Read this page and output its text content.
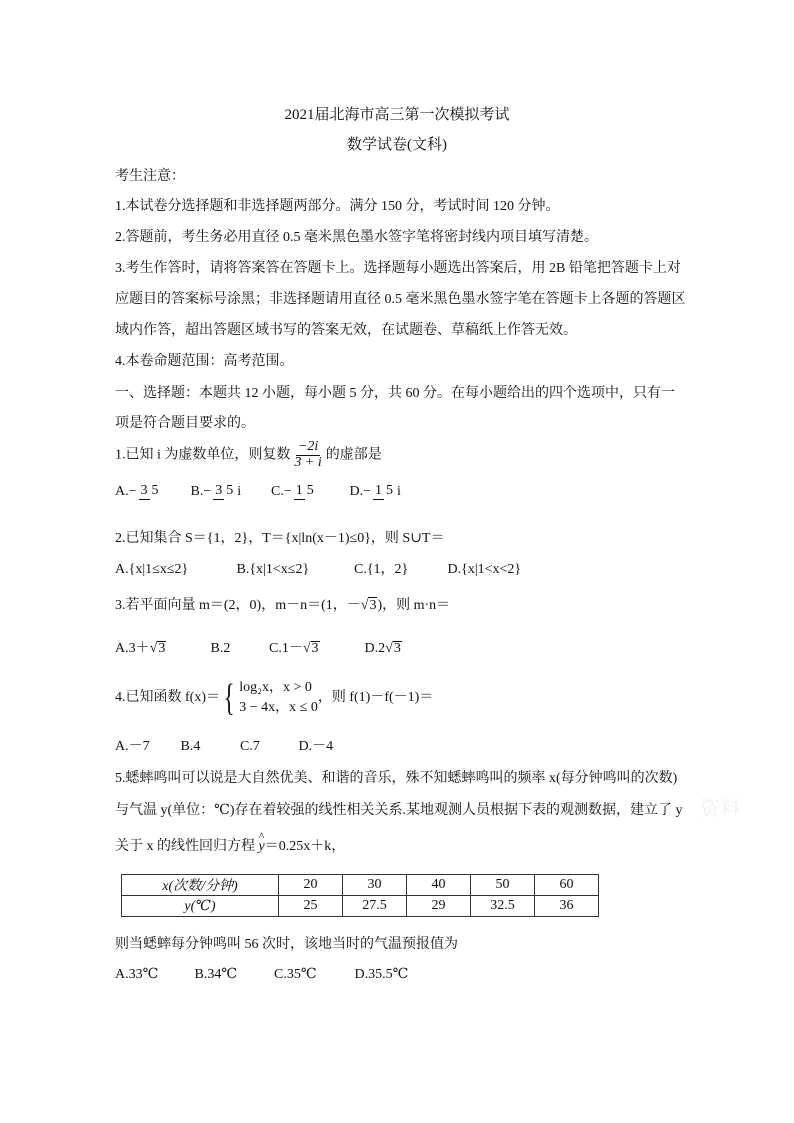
2021届北海市高三第一次模拟考试
数学试卷(文科)
考生注意：
1.本试卷分选择题和非选择题两部分。满分 150 分，考试时间 120 分钟。
2.答题前，考生务必用直径 0.5 毫米黑色墨水签字笔将密封线内项目填写清楚。
3.考生作答时，请将答案答在答题卡上。选择题每小题选出答案后，用 2B 铅笔把答题卡上对
应题目的答案标号涂黑；非选择题请用直径 0.5 毫米黑色墨水签字笔在答题卡上各题的答题区
域内作答，超出答题区域书写的答案无效，在试题卷、草稿纸上作答无效。
4.本卷命题范围：高考范围。
一、选择题：本题共 12 小题，每小题 5 分，共 60 分。在每小题给出的四个选项中，只有一
项是符合题目要求的。
1.已知 i 为虚数单位，则复数 $\frac{-2i}{3 + i}$ 的虚部是
A.− 3 5 B.− 3 5 i C.− 1 5	D.− 1 5 i
2.已知集合 S＝{1，2}，T＝{x|ln(x－1)≤0}，则 S∪T＝
A.{x|1≤x≤2}	B.{x|1<x≤2}	C.{1，2}	D.{x|1<x<2}
3.若平面向量 m＝(2，0)，m－n＝(1，－√3)，则 m·n＝
A.3＋√3	B.2	C.1－√3	D.2√3
4.已知函数 f(x)＝ { log₂x，x > 0
3 − 4x，x ≤ 0
，则 f(1)－f(－1)＝
A.－7 B.4	C.7	D.－4
5.蟋蟀鸣叫可以说是大自然优美、和谐的音乐，殊不知蟋蟀鸣叫的频率 x(每分钟鸣叫的次数)
与气温 y(单位：℃)存在着较强的线性相关关系.某地观测人员根据下表的观测数据，建立了 y
关于 x 的线性回归方程
^
y＝0.25x＋k，
x(次数/分钟)	20	30	40	50	60
y(℃)	25	27.5	29	32.5	36
则当蟋蟀每分钟鸣叫 56 次时，该地当时的气温预报值为
A.33℃	B.34℃	C.35℃	D.35.5℃
资料
